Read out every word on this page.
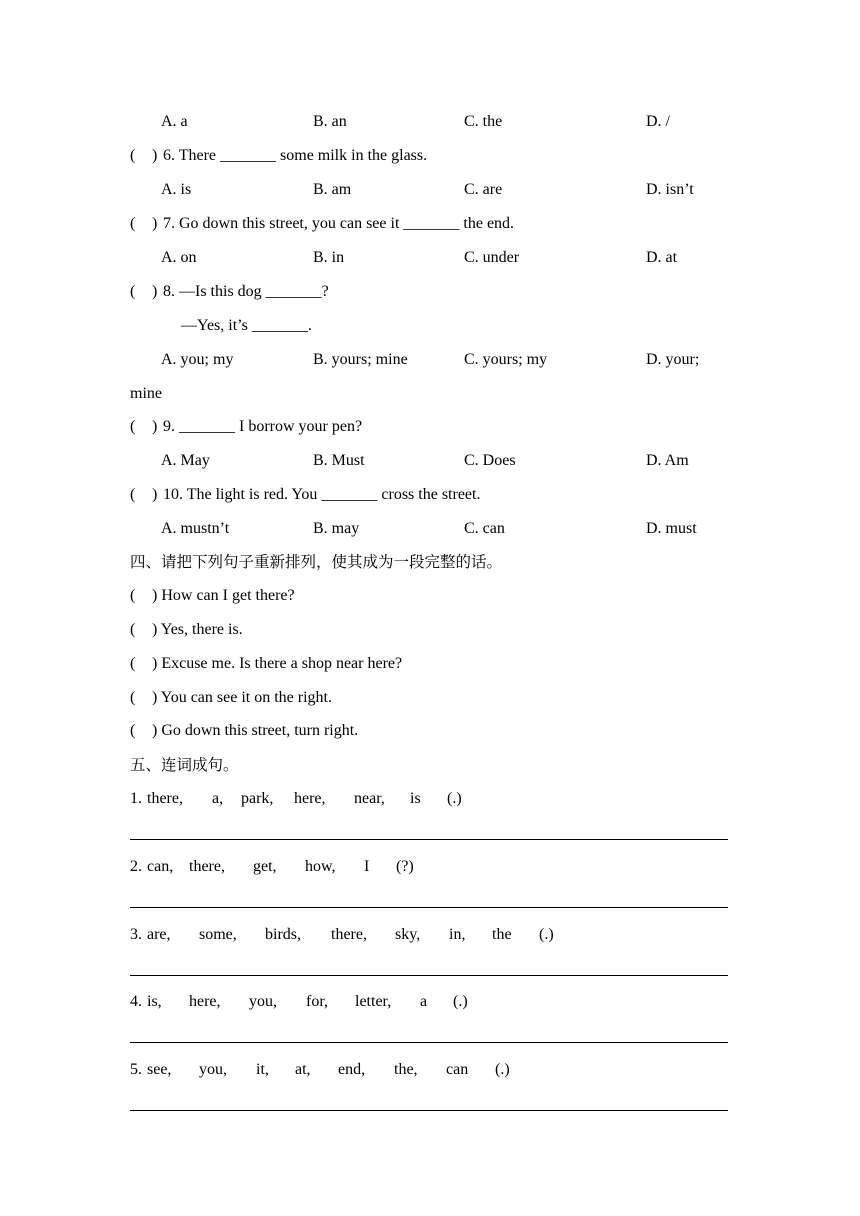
A. a	B. an	C. the	D. /
( ) 6. There _______ some milk in the glass.
A. is	B. am	C. are	D. isn’t
( ) 7. Go down this street, you can see it _______ the end.
A. on	B. in	C. under	D. at
( ) 8. —Is this dog _______?
—Yes, it’s _______.
A. you; my	B. yours; mine	C. yours; my	D. your;
mine
( ) 9. _______ I borrow your pen?
A. May	B. Must	C. Does	D. Am
( ) 10. The light is red. You _______ cross the street.
A. mustn’t	B. may	C. can	D. must
四、请把下列句子重新排列，使其成为一段完整的话。
( ) How can I get there?
( ) Yes, there is.
( ) Excuse me. Is there a shop near here?
( ) You can see it on the right.
( ) Go down this street, turn right.
五、连词成句。
1. there, a, park, here, near, is (.)
2. can, there, get, how, I (?)
3. are, some, birds, there, sky, in, the (.)
4. is, here, you, for, letter, a (.)
5. see, you, it, at, end, the, can (.)
